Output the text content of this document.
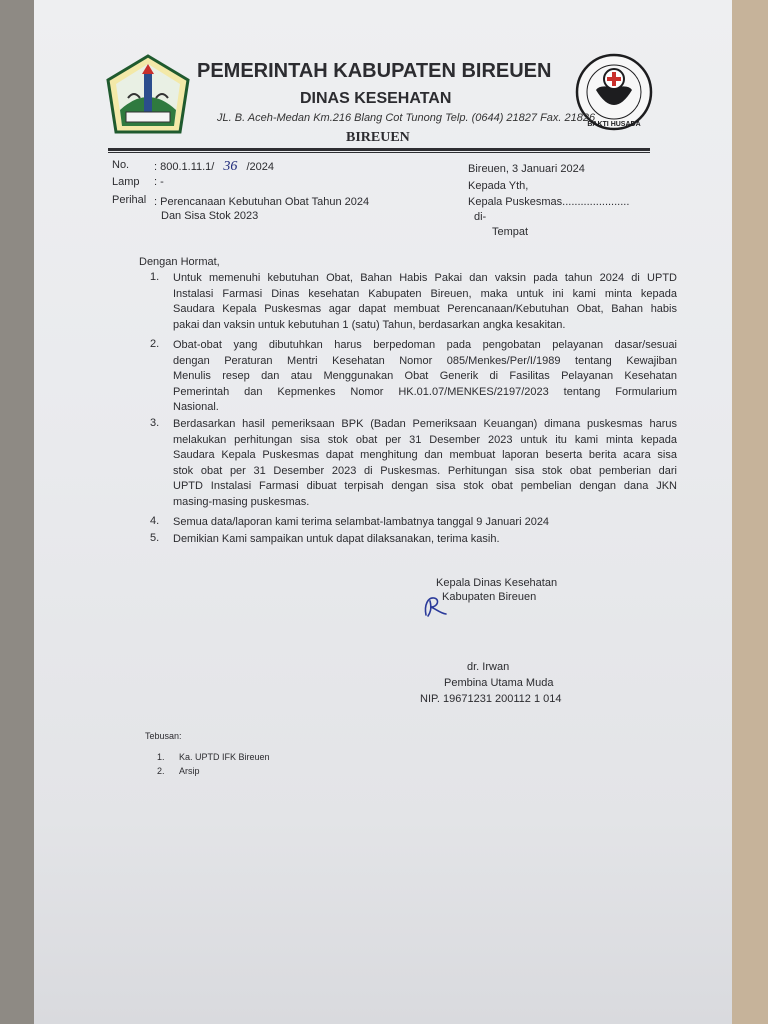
BAKTI HUSADA
PEMERINTAH KABUPATEN BIREUEN
DINAS KESEHATAN
JL. B. Aceh-Medan Km.216 Blang Cot Tunong Telp. (0644) 21827 Fax. 21826
BIREUEN
No. : 800.1.11.1/ 36 /2024
Lamp : -
Perihal : Perencanaan Kebutuhan Obat Tahun 2024
Dan Sisa Stok 2023
Bireuen, 3 Januari 2024
Kepada Yth,
Kepala Puskesmas......................
di-
Tempat
Dengan Hormat,
Kepala Dinas Kesehatan
Kabupaten Bireuen
dr. Irwan
Pembina Utama Muda
NIP. 19671231 200112 1 014
Tebusan:
1. Ka. UPTD IFK Bireuen
2. Arsip
1. Untuk memenuhi kebutuhan Obat, Bahan Habis Pakai dan vaksin pada tahun 2024 di UPTD
Instalasi Farmasi Dinas kesehatan Kabupaten Bireuen, maka untuk ini kami minta kepada
Saudara Kepala Puskesmas agar dapat membuat Perencanaan/Kebutuhan Obat, Bahan habis
pakai dan vaksin untuk kebutuhan 1 (satu) Tahun, berdasarkan angka kesakitan.
2. Obat-obat yang dibutuhkan harus berpedoman pada pengobatan pelayanan dasar/sesuai
dengan Peraturan Mentri Kesehatan Nomor 085/Menkes/Per/I/1989 tentang Kewajiban
Menulis resep dan atau Menggunakan Obat Generik di Fasilitas Pelayanan Kesehatan
Pemerintah dan Kepmenkes Nomor HK.01.07/MENKES/2197/2023 tentang Formularium
Nasional.
3. Berdasarkan hasil pemeriksaan BPK (Badan Pemeriksaan Keuangan) dimana puskesmas harus
melakukan perhitungan sisa stok obat per 31 Desember 2023 untuk itu kami minta kepada
Saudara Kepala Puskesmas dapat menghitung dan membuat laporan beserta berita acara sisa
stok obat per 31 Desember 2023 di Puskesmas. Perhitungan sisa stok obat pemberian dari
UPTD Instalasi Farmasi dibuat terpisah dengan sisa stok obat pembelian dengan dana JKN
masing-masing puskesmas.
4. Semua data/laporan kami terima selambat-lambatnya tanggal 9 Januari 2024
5. Demikian Kami sampaikan untuk dapat dilaksanakan, terima kasih.
